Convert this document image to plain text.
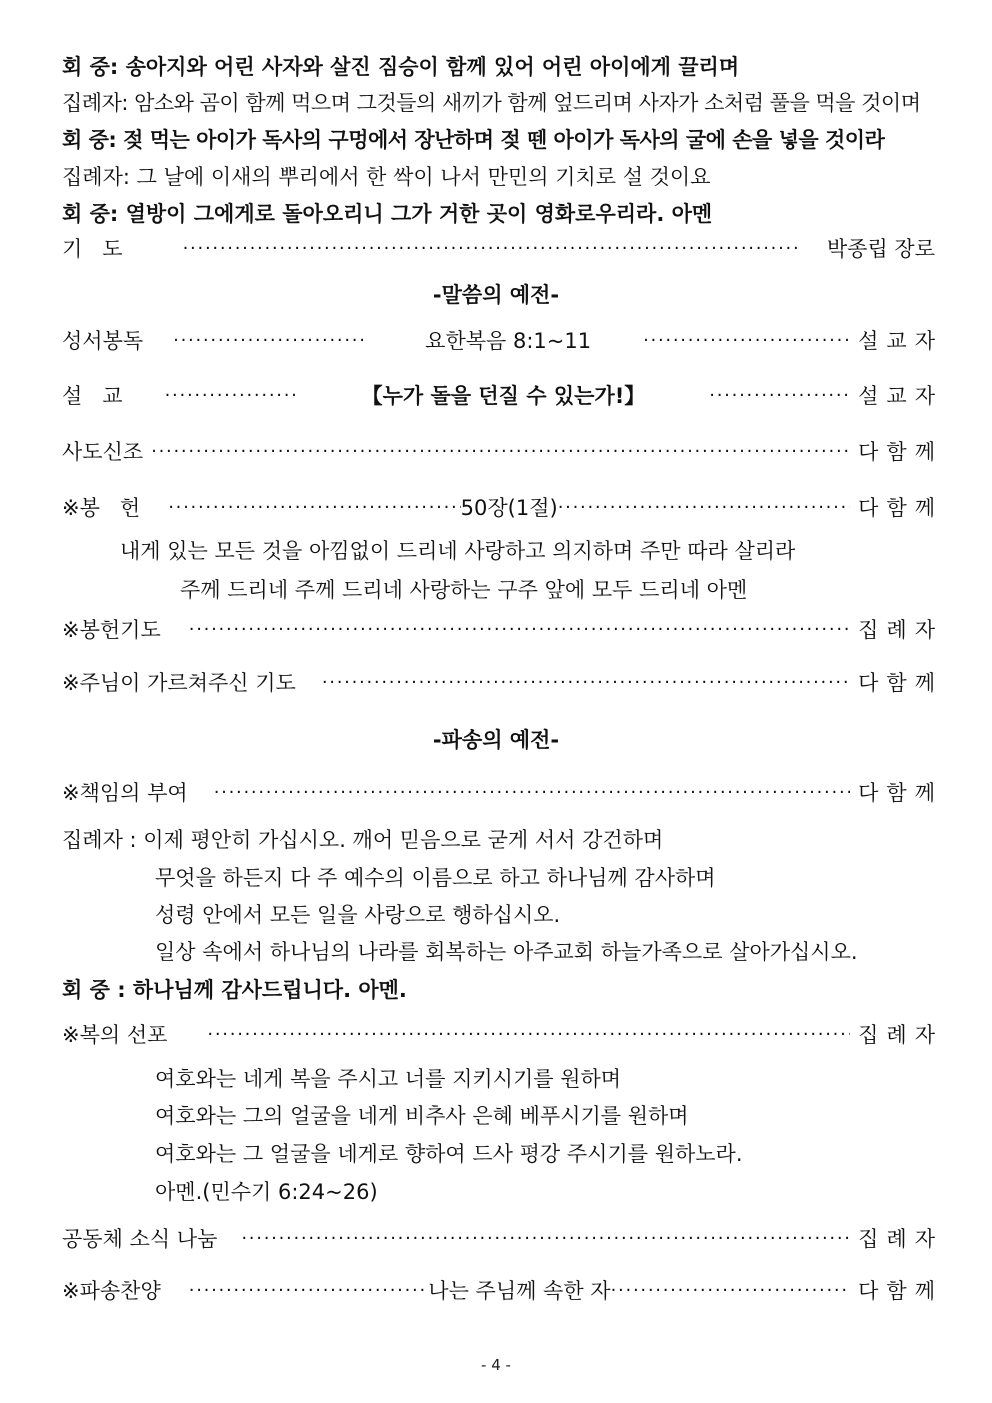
회 중: 송아지와 어린 사자와 살진 짐승이 함께 있어 어린 아이에게 끌리며
집례자: 암소와 곰이 함께 먹으며 그것들의 새끼가 함께 엎드리며 사자가 소처럼 풀을 먹을 것이며
회 중: 젖 먹는 아이가 독사의 구멍에서 장난하며 젖 뗀 아이가 독사의 굴에 손을 넣을 것이라
집례자: 그 날에 이새의 뿌리에서 한 싹이 나서 만민의 기치로 설 것이요
회 중: 열방이 그에게로 돌아오리니 그가 거한 곳이 영화로우리라. 아멘
기   도 · · ·	박종립 장로
-말씀의 예전-
성서봉독 · · ·	요한복음 8:1~11 · · ·	설교자
설   교 · · ·	【누가 돌을 던질 수 있는가!】 · · ·	설교자
사도신조 · · ·	다함께
※봉   헌 · · ·	50장(1절) · · ·	다함께
내게 있는 모든 것을 아낌없이 드리네 사랑하고 의지하며 주만 따라 살리라
주께 드리네 주께 드리네 사랑하는 구주 앞에 모두 드리네 아멘
※봉헌기도 · · ·	집례자
※주님이 가르쳐주신 기도 · · ·	다함께
-파송의 예전-
※책임의 부여 · · ·	다함께
집례자 : 이제 평안히 가십시오. 깨어 믿음으로 굳게 서서 강건하며
무엇을 하든지 다 주 예수의 이름으로 하고 하나님께 감사하며
성령 안에서 모든 일을 사랑으로 행하십시오.
일상 속에서 하나님의 나라를 회복하는 아주교회 하늘가족으로 살아가십시오.
회 중 : 하나님께 감사드립니다. 아멘.
※복의 선포 · · ·	집례자
여호와는 네게 복을 주시고 너를 지키시기를 원하며
여호와는 그의 얼굴을 네게 비추사 은혜 베푸시기를 원하며
여호와는 그 얼굴을 네게로 향하여 드사 평강 주시기를 원하노라.
아멘.(민수기 6:24~26)
공동체 소식 나눔 · · ·	집례자
※파송찬양 · · ·	나는 주님께 속한 자 · · ·	다함께
- 4 -
